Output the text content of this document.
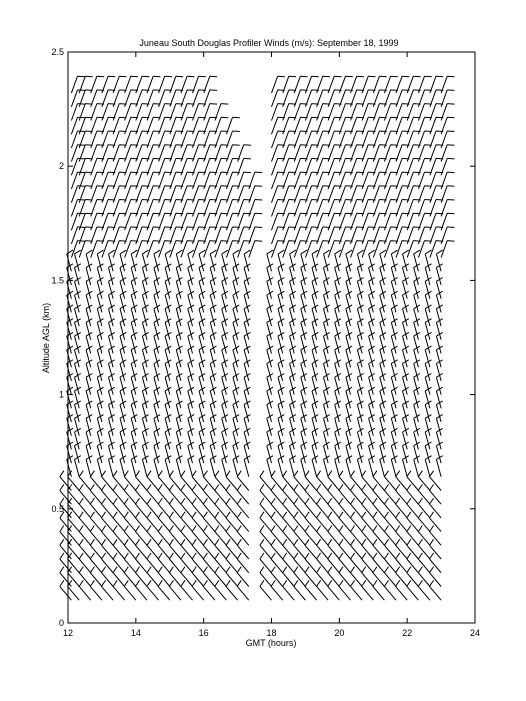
Juneau South Douglas Profiler Winds (m/s): September 18, 1999
12	14	16	18	20	22	24
0
0.5
1
1.5
2
2.5
GMT (hours)
Altitude AGL (km)
